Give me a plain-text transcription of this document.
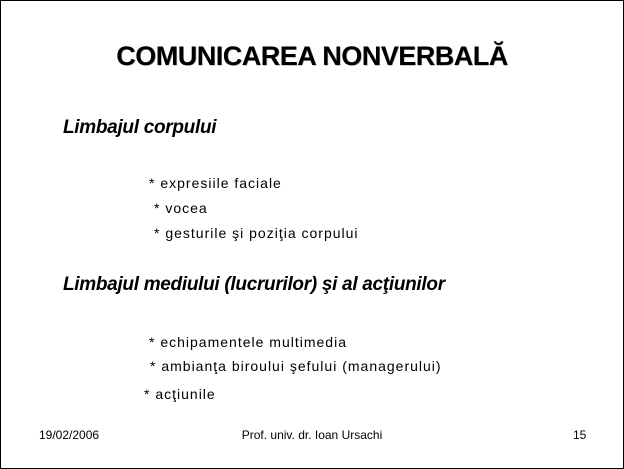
COMUNICAREA NONVERBALĂ
Limbajul corpului
* expresiile faciale
* vocea
* gesturile şi poziţia corpului
Limbajul mediului (lucrurilor) şi al acţiunilor
* echipamentele multimedia
* ambianţa biroului şefului (managerului)
* acţiunile
19/02/2006	Prof. univ. dr. Ioan Ursachi	15
